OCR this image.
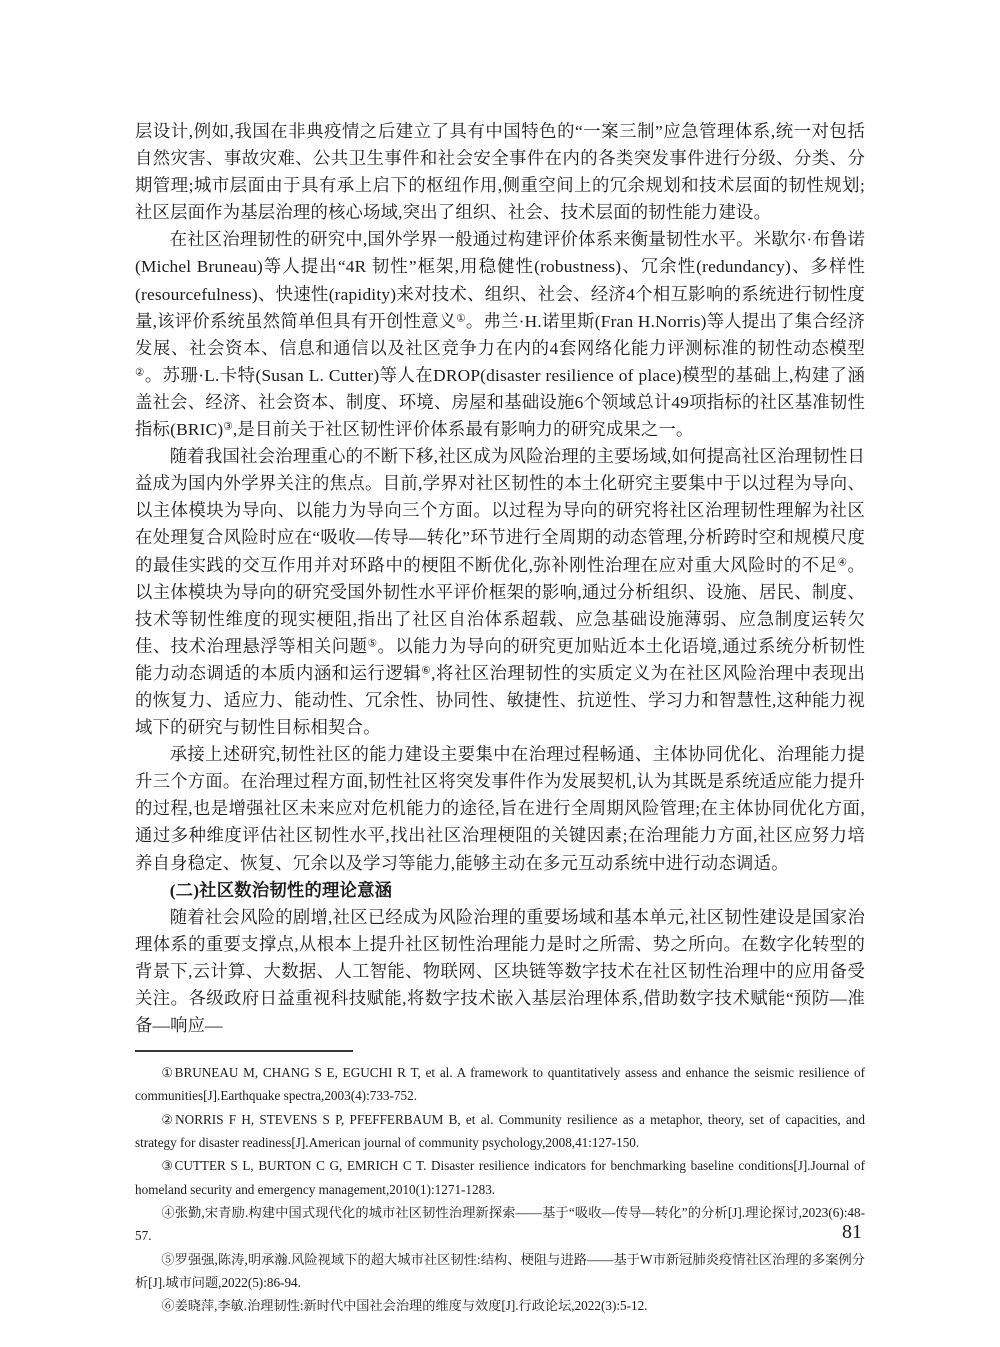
层设计,例如,我国在非典疫情之后建立了具有中国特色的“一案三制”应急管理体系,统一对包括自然灾害、事故灾难、公共卫生事件和社会安全事件在内的各类突发事件进行分级、分类、分期管理;城市层面由于具有承上启下的枢纽作用,侧重空间上的冗余规划和技术层面的韧性规划;社区层面作为基层治理的核心场域,突出了组织、社会、技术层面的韧性能力建设。

在社区治理韧性的研究中,国外学界一般通过构建评价体系来衡量韧性水平。米歇尔·布鲁诺(Michel Bruneau)等人提出“4R 韧性”框架,用稳健性(robustness)、冗余性(redundancy)、多样性(resourcefulness)、快速性(rapidity)来对技术、组织、社会、经济4个相互影响的系统进行韧性度量,该评价系统虽然简单但具有开创性意义①。弗兰·H.诺里斯(Fran H.Norris)等人提出了集合经济发展、社会资本、信息和通信以及社区竞争力在内的4套网络化能力评测标准的韧性动态模型②。苏珊·L.卡特(Susan L. Cutter)等人在DROP(disaster resilience of place)模型的基础上,构建了涵盖社会、经济、社会资本、制度、环境、房屋和基础设施6个领域总计49项指标的社区基准韧性指标(BRIC)③,是目前关于社区韧性评价体系最有影响力的研究成果之一。

随着我国社会治理重心的不断下移,社区成为风险治理的主要场域,如何提高社区治理韧性日益成为国内外学界关注的焦点。目前,学界对社区韧性的本土化研究主要集中于以过程为导向、以主体模块为导向、以能力为导向三个方面。以过程为导向的研究将社区治理韧性理解为社区在处理复合风险时应在“吸收—传导—转化”环节进行全周期的动态管理,分析跨时空和规模尺度的最佳实践的交互作用并对环路中的梗阻不断优化,弥补刚性治理在应对重大风险时的不足④。以主体模块为导向的研究受国外韧性水平评价框架的影响,通过分析组织、设施、居民、制度、技术等韧性维度的现实梗阻,指出了社区自治体系超载、应急基础设施薄弱、应急制度运转欠佳、技术治理悬浮等相关问题⑤。以能力为导向的研究更加贴近本土化语境,通过系统分析韧性能力动态调适的本质内涵和运行逻辑⑥,将社区治理韧性的实质定义为在社区风险治理中表现出的恢复力、适应力、能动性、冗余性、协同性、敏捷性、抗逆性、学习力和智慧性,这种能力视域下的研究与韧性目标相契合。

承接上述研究,韧性社区的能力建设主要集中在治理过程畅通、主体协同优化、治理能力提升三个方面。在治理过程方面,韧性社区将突发事件作为发展契机,认为其既是系统适应能力提升的过程,也是增强社区未来应对危机能力的途径,旨在进行全周期风险管理;在主体协同优化方面,通过多种维度评估社区韧性水平,找出社区治理梗阻的关键因素;在治理能力方面,社区应努力培养自身稳定、恢复、冗余以及学习等能力,能够主动在多元互动系统中进行动态调适。

(二)社区数治韧性的理论意涵

随着社会风险的剧增,社区已经成为风险治理的重要场域和基本单元,社区韧性建设是国家治理体系的重要支撑点,从根本上提升社区韧性治理能力是时之所需、势之所向。在数字化转型的背景下,云计算、大数据、人工智能、物联网、区块链等数字技术在社区韧性治理中的应用备受关注。各级政府日益重视科技赋能,将数字技术嵌入基层治理体系,借助数字技术赋能“预防—准备—响应—

①BRUNEAU M, CHANG S E, EGUCHI R T, et al. A framework to quantitatively assess and enhance the seismic resilience of communities[J].Earthquake spectra,2003(4):733-752.

②NORRIS F H, STEVENS S P, PFEFFERBAUM B, et al. Community resilience as a metaphor, theory, set of capacities, and strategy for disaster readiness[J].American journal of community psychology,2008,41:127-150.

③CUTTER S L, BURTON C G, EMRICH C T. Disaster resilience indicators for benchmarking baseline conditions[J].Journal of homeland security and emergency management,2010(1):1271-1283.

④张勤,宋青励.构建中国式现代化的城市社区韧性治理新探索——基于“吸收—传导—转化”的分析[J].理论探讨,2023(6):48-57.

⑤罗强强,陈涛,明承瀚.风险视域下的超大城市社区韧性:结构、梗阻与进路——基于W市新冠肺炎疫情社区治理的多案例分析[J].城市问题,2022(5):86-94.

⑥姜晓萍,李敏.治理韧性:新时代中国社会治理的维度与效度[J].行政论坛,2022(3):5-12.

81
